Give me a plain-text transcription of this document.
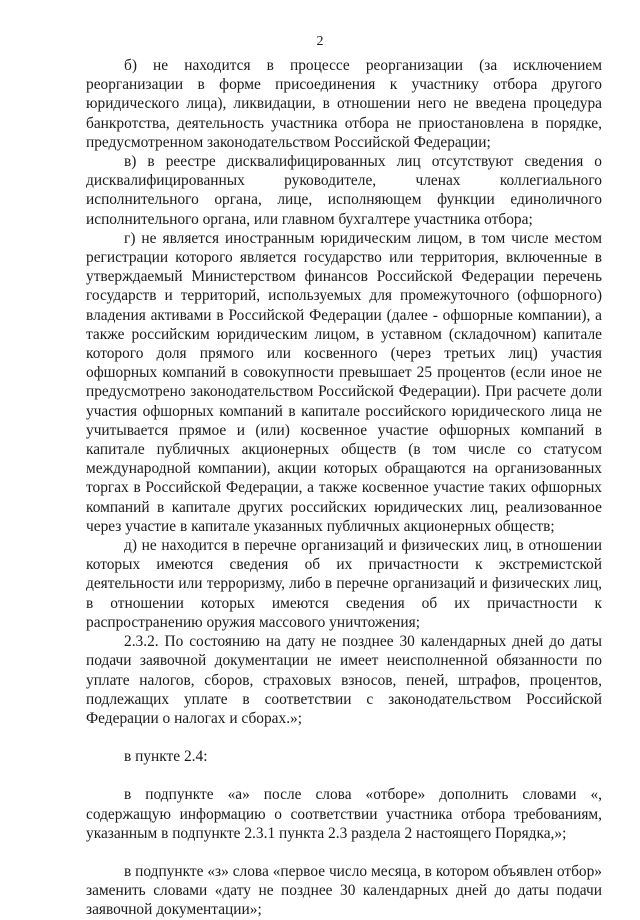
2

б) не находится в процессе реорганизации (за исключением реорганизации в форме присоединения к участнику отбора другого юридического лица), ликвидации, в отношении него не введена процедура банкротства, деятельность участника отбора не приостановлена в порядке, предусмотренном законодательством Российской Федерации;

в) в реестре дисквалифицированных лиц отсутствуют сведения о дисквалифицированных руководителе, членах коллегиального исполнительного органа, лице, исполняющем функции единоличного исполнительного органа, или главном бухгалтере участника отбора;

г) не является иностранным юридическим лицом, в том числе местом регистрации которого является государство или территория, включенные в утверждаемый Министерством финансов Российской Федерации перечень государств и территорий, используемых для промежуточного (офшорного) владения активами в Российской Федерации (далее - офшорные компании), а также российским юридическим лицом, в уставном (складочном) капитале которого доля прямого или косвенного (через третьих лиц) участия офшорных компаний в совокупности превышает 25 процентов (если иное не предусмотрено законодательством Российской Федерации). При расчете доли участия офшорных компаний в капитале российского юридического лица не учитывается прямое и (или) косвенное участие офшорных компаний в капитале публичных акционерных обществ (в том числе со статусом международной компании), акции которых обращаются на организованных торгах в Российской Федерации, а также косвенное участие таких офшорных компаний в капитале других российских юридических лиц, реализованное через участие в капитале указанных публичных акционерных обществ;

д) не находится в перечне организаций и физических лиц, в отношении которых имеются сведения об их причастности к экстремистской деятельности или терроризму, либо в перечне организаций и физических лиц, в отношении которых имеются сведения об их причастности к распространению оружия массового уничтожения;

2.3.2. По состоянию на дату не позднее 30 календарных дней до даты подачи заявочной документации не имеет неисполненной обязанности по уплате налогов, сборов, страховых взносов, пеней, штрафов, процентов, подлежащих уплате в соответствии с законодательством Российской Федерации о налогах и сборах.»;

в пункте 2.4:

в подпункте «а» после слова «отборе» дополнить словами «, содержащую информацию о соответствии участника отбора требованиям, указанным в подпункте 2.3.1 пункта 2.3 раздела 2 настоящего Порядка,»;

в подпункте «з» слова «первое число месяца, в котором объявлен отбор» заменить словами «дату не позднее 30 календарных дней до даты подачи заявочной документации»;
